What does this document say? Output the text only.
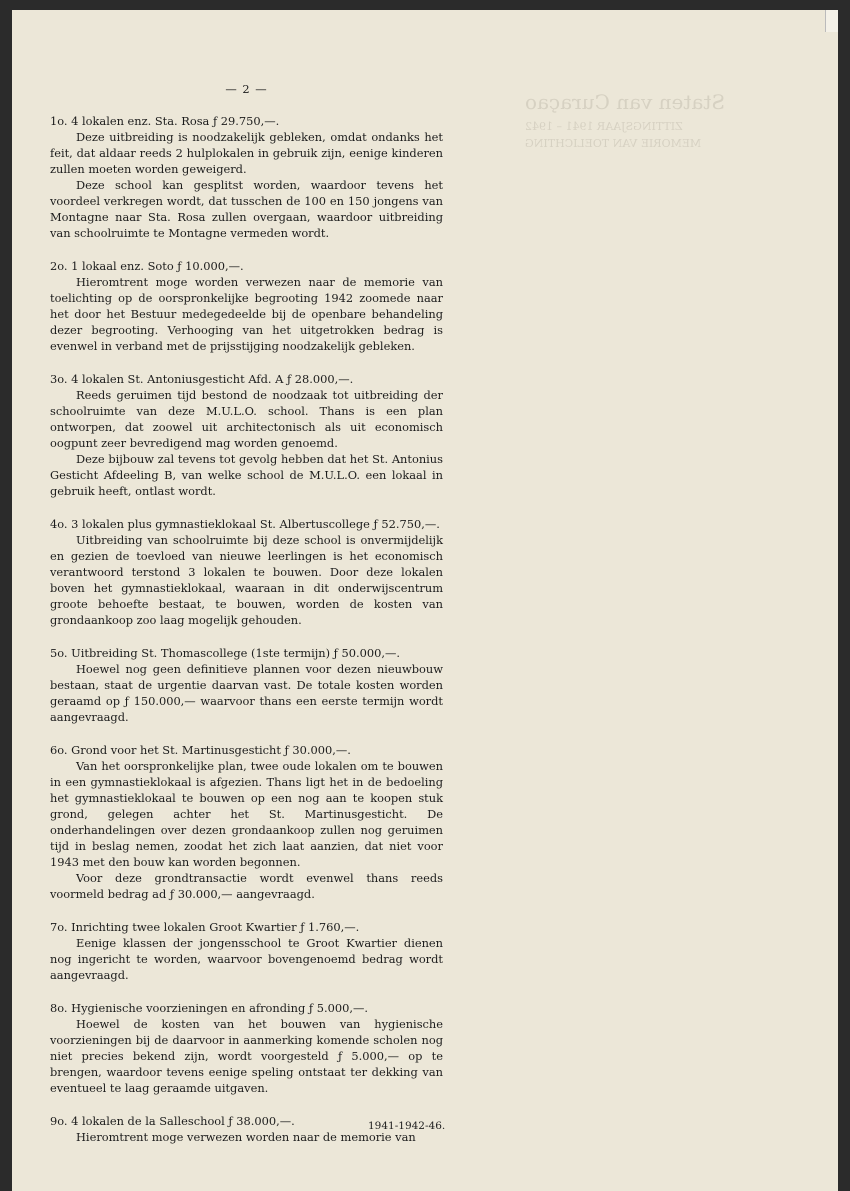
Staten van Curaçao
ZITTINGSJAAR 1941 – 1942
MEMORIE VAN TOELICHTING
— 2 —

1o. 4 lokalen enz. Sta. Rosa ƒ 29.750,—.

Deze uitbreiding is noodzakelijk gebleken, omdat ondanks het feit, dat aldaar reeds 2 hulplokalen in gebruik zijn, eenige kinderen zullen moeten worden geweigerd.

Deze school kan gesplitst worden, waardoor tevens het voordeel verkregen wordt, dat tusschen de 100 en 150 jongens van Montagne naar Sta. Rosa zullen overgaan, waardoor uitbreiding van schoolruimte te Montagne vermeden wordt.

2o. 1 lokaal enz. Soto ƒ 10.000,—.

Hieromtrent moge worden verwezen naar de memorie van toelichting op de oorspronkelijke begrooting 1942 zoomede naar het door het Bestuur medegedeelde bij de openbare behandeling dezer begrooting. Verhooging van het uitgetrokken bedrag is evenwel in verband met de prijsstijging noodzakelijk gebleken.

3o. 4 lokalen St. Antoniusgesticht Afd. A ƒ 28.000,—.

Reeds geruimen tijd bestond de noodzaak tot uitbreiding der schoolruimte van deze M.U.L.O. school. Thans is een plan ontworpen, dat zoowel uit architectonisch als uit economisch oogpunt zeer bevredigend mag worden genoemd.

Deze bijbouw zal tevens tot gevolg hebben dat het St. Antonius Gesticht Afdeeling B, van welke school de M.U.L.O. een lokaal in gebruik heeft, ontlast wordt.

4o. 3 lokalen plus gymnastieklokaal St. Albertuscollege ƒ 52.750,—.

Uitbreiding van schoolruimte bij deze school is onvermijdelijk en gezien de toevloed van nieuwe leerlingen is het economisch verantwoord terstond 3 lokalen te bouwen. Door deze lokalen boven het gymnastieklokaal, waaraan in dit onderwijscentrum groote behoefte bestaat, te bouwen, worden de kosten van grondaankoop zoo laag mogelijk gehouden.

5o. Uitbreiding St. Thomascollege (1ste termijn) ƒ 50.000,—.

Hoewel nog geen definitieve plannen voor dezen nieuwbouw bestaan, staat de urgentie daarvan vast. De totale kosten worden geraamd op ƒ 150.000,— waarvoor thans een eerste termijn wordt aangevraagd.

6o. Grond voor het St. Martinusgesticht ƒ 30.000,—.

Van het oorspronkelijke plan, twee oude lokalen om te bouwen in een gymnastieklokaal is afgezien. Thans ligt het in de bedoeling het gymnastieklokaal te bouwen op een nog aan te koopen stuk grond, gelegen achter het St. Martinusgesticht. De onderhandelingen over dezen grondaankoop zullen nog geruimen tijd in beslag nemen, zoodat het zich laat aanzien, dat niet voor 1943 met den bouw kan worden begonnen.

Voor deze grondtransactie wordt evenwel thans reeds voormeld bedrag ad ƒ 30.000,— aangevraagd.

7o. Inrichting twee lokalen Groot Kwartier ƒ 1.760,—.

Eenige klassen der jongensschool te Groot Kwartier dienen nog ingericht te worden, waarvoor bovengenoemd bedrag wordt aangevraagd.

8o. Hygienische voorzieningen en afronding ƒ 5.000,—.

Hoewel de kosten van het bouwen van hygienische voorzieningen bij de daarvoor in aanmerking komende scholen nog niet precies bekend zijn, wordt voorgesteld ƒ 5.000,— op te brengen, waardoor tevens eenige speling ontstaat ter dekking van eventueel te laag geraamde uitgaven.

9o. 4 lokalen de la Salleschool ƒ 38.000,—.

Hieromtrent moge verwezen worden naar de memorie van

1941-1942-46.
